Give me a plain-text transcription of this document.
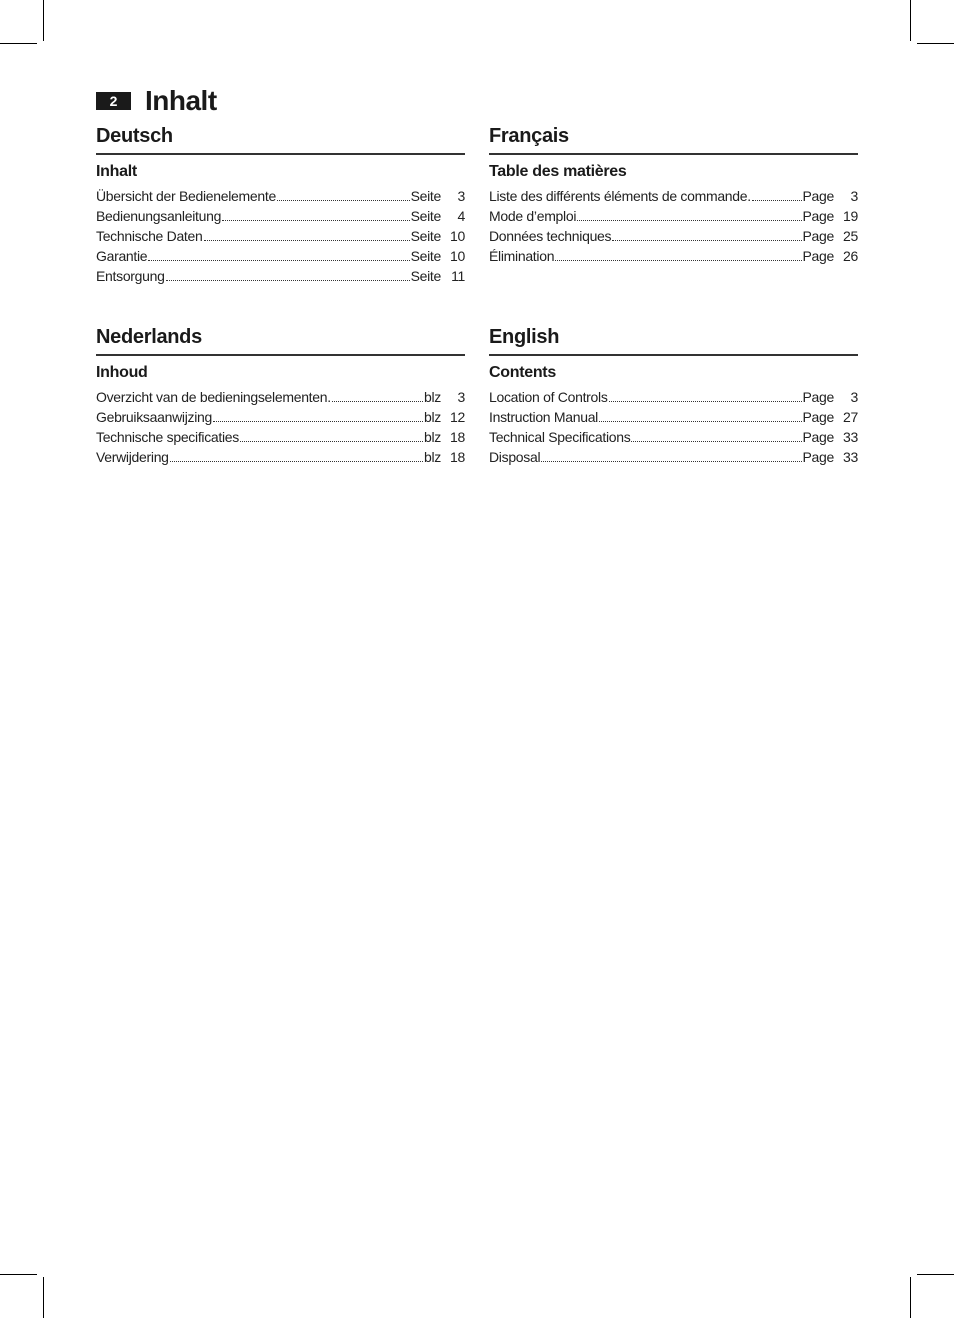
2 Inhalt
Deutsch
Inhalt
Übersicht der Bedienelemente	Seite	3
Bedienungsanleitung	Seite	4
Technische Daten	Seite 10
Garantie	Seite 10
Entsorgung	Seite 11
Français
Table des matières
Liste des différents éléments de commande.	Page	3
Mode d’emploi	Page 19
Données techniques	Page 25
Élimination	Page 26
Nederlands
Inhoud
Overzicht van de bedieningselementen.	blz	3
Gebruiksaanwijzing	blz 12
Technische specificaties	blz 18
Verwijdering	blz 18
English
Contents
Location of Controls	Page	3
Instruction Manual	Page 27
Technical Specifications	Page 33
Disposal	Page 33
